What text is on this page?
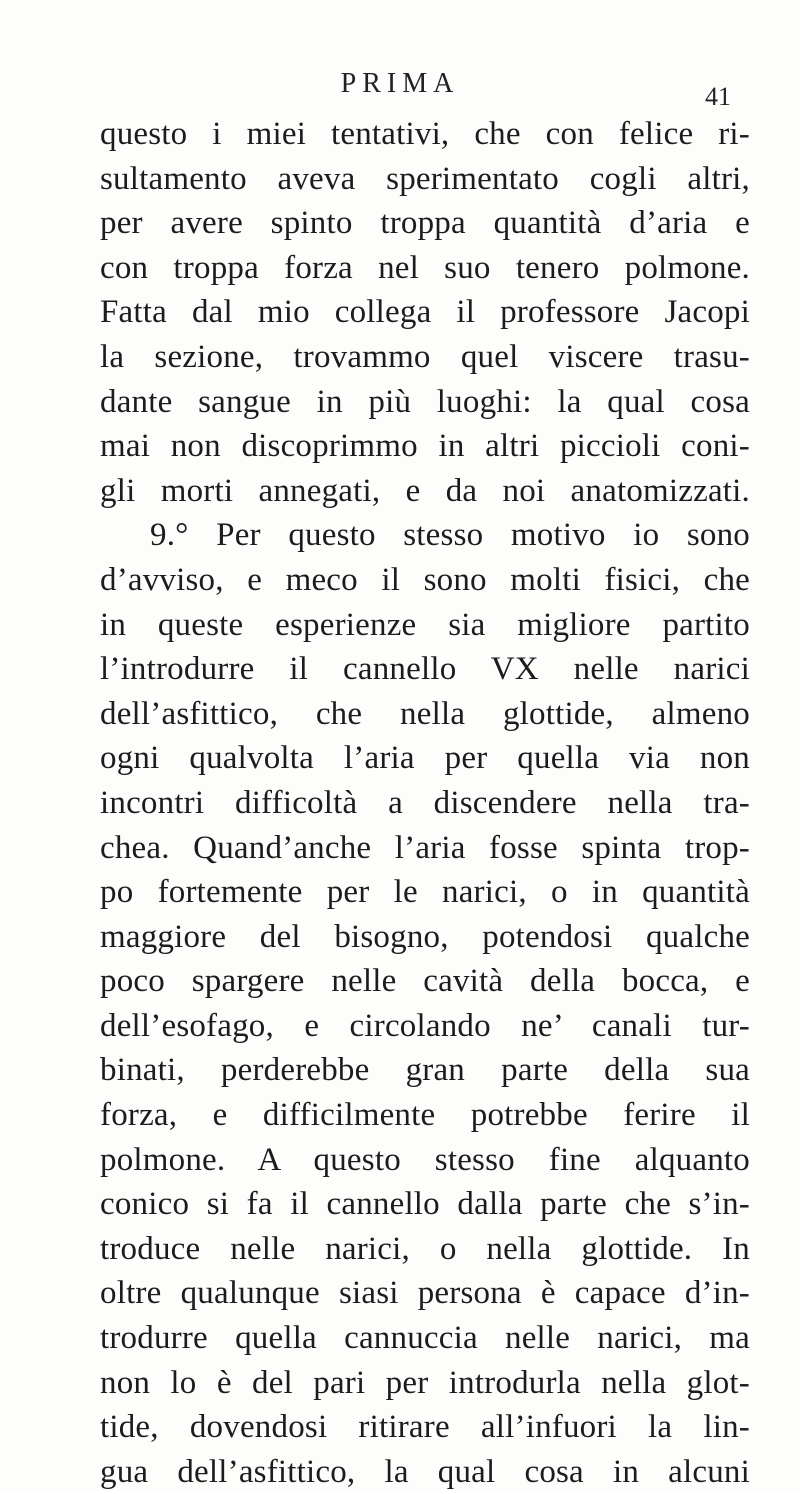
PRIMA	41
questo i miei tentativi, che con felice ri-
sultamento aveva sperimentato cogli altri,
per avere spinto troppa quantità d’aria e
con troppa forza nel suo tenero polmone.
Fatta dal mio collega il professore Jacopi
la sezione, trovammo quel viscere trasu-
dante sangue in più luoghi: la qual cosa
mai non discoprimmo in altri piccioli coni-
gli morti annegati, e da noi anatomizzati.
9.° Per questo stesso motivo io sono
d’avviso, e meco il sono molti fisici, che
in queste esperienze sia migliore partito
l’introdurre il cannello VX nelle narici
dell’asfittico, che nella glottide, almeno
ogni qualvolta l’aria per quella via non
incontri difficoltà a discendere nella tra-
chea. Quand’anche l’aria fosse spinta trop-
po fortemente per le narici, o in quantità
maggiore del bisogno, potendosi qualche
poco spargere nelle cavità della bocca, e
dell’esofago, e circolando ne’ canali tur-
binati, perderebbe gran parte della sua
forza, e difficilmente potrebbe ferire il
polmone. A questo stesso fine alquanto
conico si fa il cannello dalla parte che s’in-
troduce nelle narici, o nella glottide. In
oltre qualunque siasi persona è capace d’in-
trodurre quella cannuccia nelle narici, ma
non lo è del pari per introdurla nella glot-
tide, dovendosi ritirare all’infuori la lin-
gua dell’asfittico, la qual cosa in alcuni
